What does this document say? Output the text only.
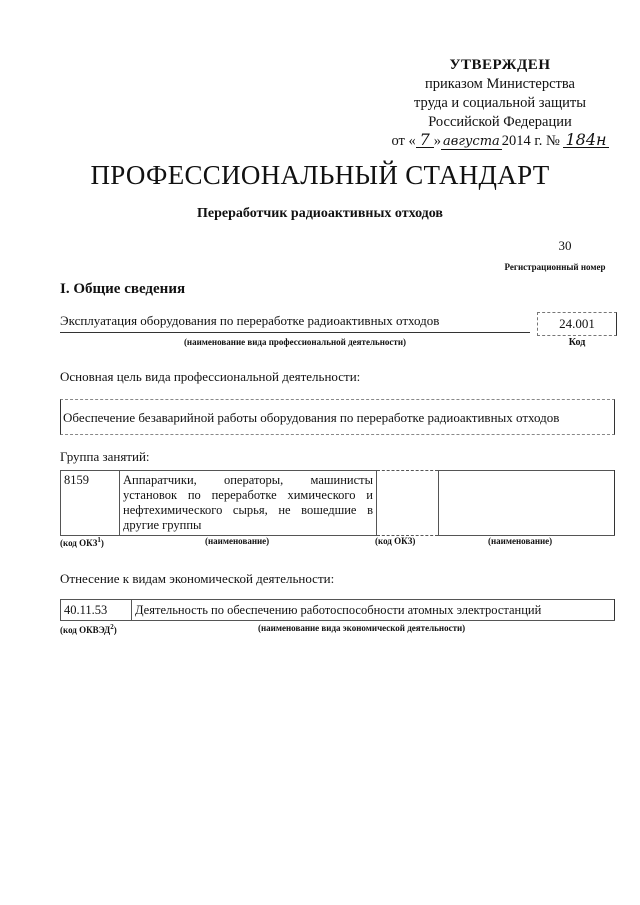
УТВЕРЖДЕН
приказом Министерства
труда и социальной защиты
Российской Федерации
от « 7 » августа 2014 г. № 184н
ПРОФЕССИОНАЛЬНЫЙ СТАНДАРТ
Переработчик радиоактивных отходов
30
Регистрационный номер
I. Общие сведения
Эксплуатация оборудования по переработке радиоактивных отходов
(наименование вида профессиональной деятельности)
24.001
Код
Основная цель вида профессиональной деятельности:
Обеспечение безаварийной работы оборудования по переработке радиоактивных отходов
Группа занятий:
8159	Аппаратчики, операторы, машинисты установок по переработке химического и нефтехимического сырья, не вошедшие в другие группы		
(код ОКЗ$^1$)	(наименование)	(код ОКЗ)	(наименование)
Отнесение к видам экономической деятельности:
40.11.53	Деятельность по обеспечению работоспособности атомных электростанций
(код ОКВЭД$^2$)	(наименование вида экономической деятельности)
